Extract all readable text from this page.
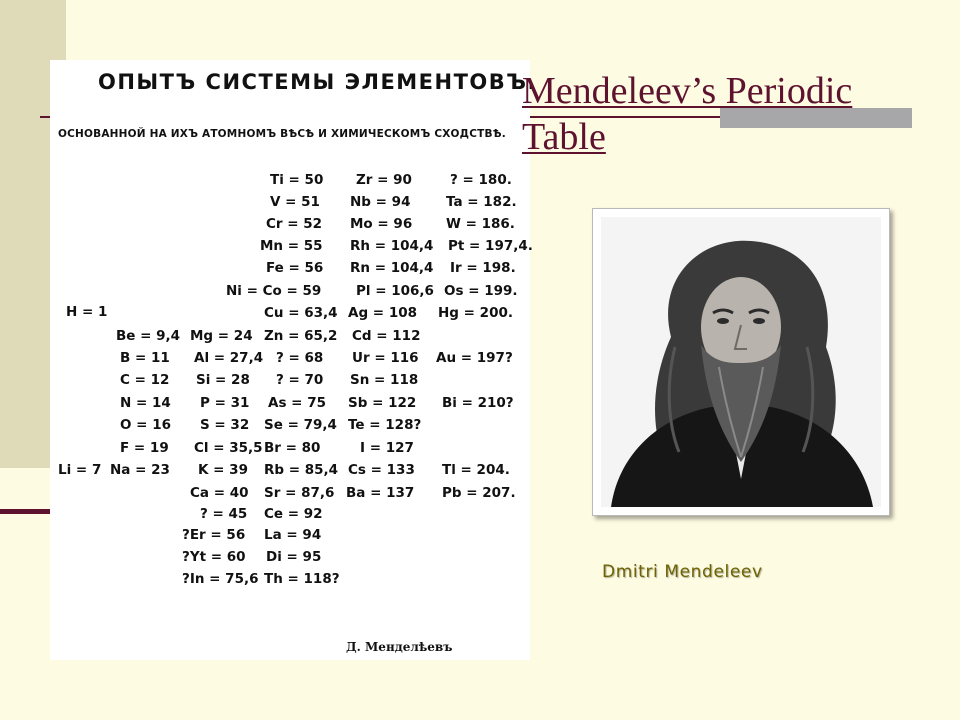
ОПЫТЪ СИСТЕМЫ ЭЛЕМЕНТОВЪ.
ОСНОВАННОЙ НА ИХЪ АТОМНОМЪ ВѢСѢ И ХИМИЧЕСКОМЪ СХОДСТВѢ.
H = 1
Li = 7
Be = 9,4
B = 11
C = 12
N = 14
O = 16
F = 19
Na = 23
Mg = 24
Al = 27,4
Si = 28
P = 31
S = 32
Cl = 35,5
K = 39
Ca = 40
? = 45
?Er = 56
?Yt = 60
?In = 75,6
Ti = 50
V = 51
Cr = 52
Mn = 55
Fe = 56
Ni = Co = 59
Cu = 63,4
Zn = 65,2
? = 68
? = 70
As = 75
Se = 79,4
Br = 80
Rb = 85,4
Sr = 87,6
Ce = 92
La = 94
Di = 95
Th = 118?
Zr = 90
Nb = 94
Mo = 96
Rh = 104,4
Rn = 104,4
Pl = 106,6
Ag = 108
Cd = 112
Ur = 116
Sn = 118
Sb = 122
Te = 128?
I = 127
Cs = 133
Ba = 137
? = 180.
Ta = 182.
W = 186.
Pt = 197,4.
Ir = 198.
Os = 199.
Hg = 200.
Au = 197?
Bi = 210?
Tl = 204.
Pb = 207.
Д. Менделѣевъ
Mendeleev’s Periodic Table
Dmitri Mendeleev
